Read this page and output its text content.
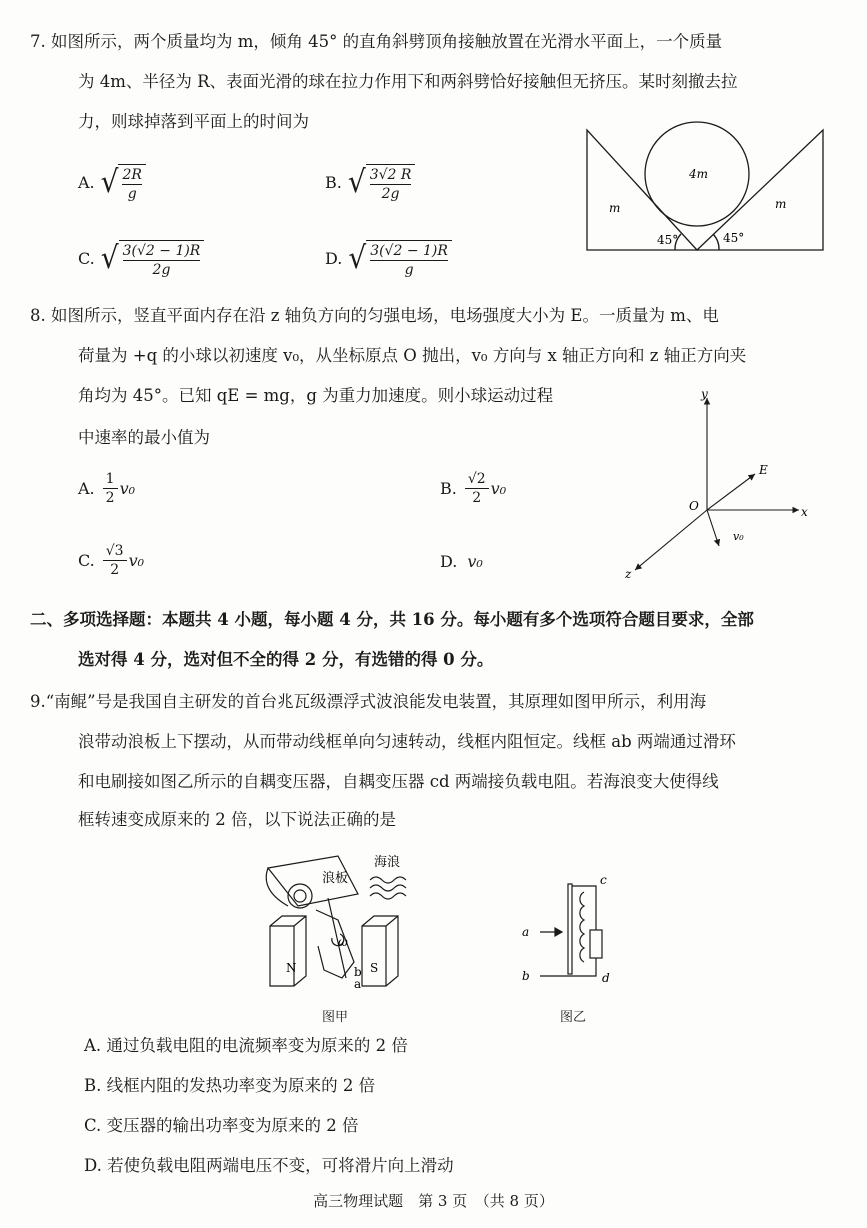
7. 如图所示，两个质量均为 m，倾角 45° 的直角斜劈顶角接触放置在光滑水平面上，一个质量
为 4m、半径为 R、表面光滑的球在拉力作用下和两斜劈恰好接触但无挤压。某时刻撤去拉
力，则球掉落到平面上的时间为
A. √ $\frac{2R}{g}$	B. √ $\frac{3√2 R}{2g}$
C. √ $\frac{3(√2 - 1)R}{2g}$	D. √ $\frac{3(√2 - 1)R}{g}$
4m
m	m
45°	45°
8. 如图所示，竖直平面内存在沿 z 轴负方向的匀强电场，电场强度大小为 E。一质量为 m、电
荷量为 +q 的小球以初速度 v₀，从坐标原点 O 抛出，v₀ 方向与 x 轴正方向和 z 轴正方向夹
角均为 45°。已知 qE = mg，g 为重力加速度。则小球运动过程
中速率的最小值为
A. $\frac{1}{2} v_0$	B. $\frac{√2}{2} v_0$
C. $\frac{√3}{2} v_0$	D. v₀
y
x
z
O
E
v₀
二、多项选择题：本题共 4 小题，每小题 4 分，共 16 分。每小题有多个选项符合题目要求，全部
选对得 4 分，选对但不全的得 2 分，有选错的得 0 分。
9.“南鲲”号是我国自主研发的首台兆瓦级漂浮式波浪能发电装置，其原理如图甲所示，利用海
浪带动浪板上下摆动，从而带动线框单向匀速转动，线框内阻恒定。线框 ab 两端通过滑环
和电刷接如图乙所示的自耦变压器，自耦变压器 cd 两端接负载电阻。若海浪变大使得线
框转速变成原来的 2 倍，以下说法正确的是
海浪
浪板
N	S
ω
b
a
图甲
c
a
b	d
图乙
A. 通过负载电阻的电流频率变为原来的 2 倍
B. 线框内阻的发热功率变为原来的 2 倍
C. 变压器的输出功率变为原来的 2 倍
D. 若使负载电阻两端电压不变，可将滑片向上滑动
高三物理试题　第 3 页　（共 8 页）
